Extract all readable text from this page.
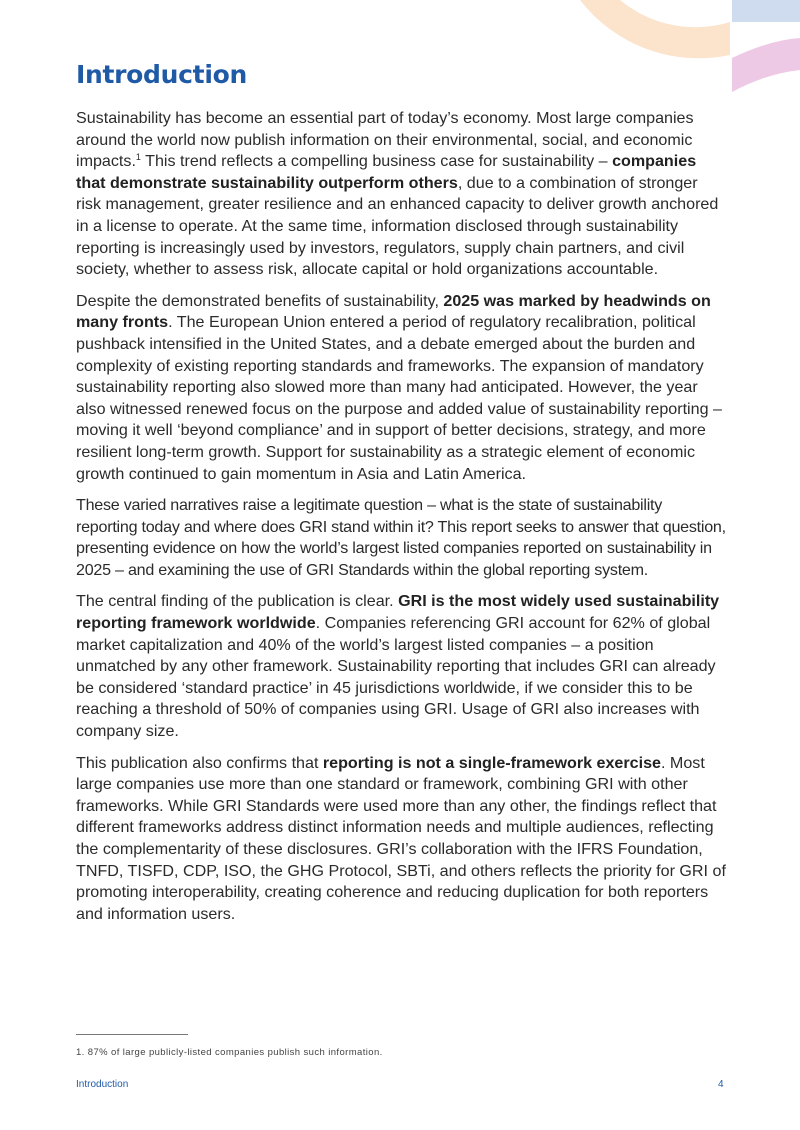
Introduction

Sustainability has become an essential part of today’s economy. Most large companies around the world now publish information on their environmental, social, and economic impacts.$^1$ This trend reflects a compelling business case for sustainability – companies that demonstrate sustainability outperform others, due to a combination of stronger risk management, greater resilience and an enhanced capacity to deliver growth anchored in a license to operate. At the same time, information disclosed through sustainability reporting is increasingly used by investors, regulators, supply chain partners, and civil society, whether to assess risk, allocate capital or hold organizations accountable.

Despite the demonstrated benefits of sustainability, 2025 was marked by headwinds on many fronts. The European Union entered a period of regulatory recalibration, political pushback intensified in the United States, and a debate emerged about the burden and complexity of existing reporting standards and frameworks. The expansion of mandatory sustainability reporting also slowed more than many had anticipated. However, the year also witnessed renewed focus on the purpose and added value of sustainability reporting – moving it well ‘beyond compliance’ and in support of better decisions, strategy, and more resilient long-term growth. Support for sustainability as a strategic element of economic growth continued to gain momentum in Asia and Latin America.

These varied narratives raise a legitimate question – what is the state of sustainability reporting today and where does GRI stand within it? This report seeks to answer that question, presenting evidence on how the world’s largest listed companies reported on sustainability in 2025 – and examining the use of GRI Standards within the global reporting system.

The central finding of the publication is clear. GRI is the most widely used sustainability reporting framework worldwide. Companies referencing GRI account for 62% of global market capitalization and 40% of the world’s largest listed companies – a position unmatched by any other framework. Sustainability reporting that includes GRI can already be considered ‘standard practice’ in 45 jurisdictions worldwide, if we consider this to be reaching a threshold of 50% of companies using GRI. Usage of GRI also increases with company size.

This publication also confirms that reporting is not a single-framework exercise. Most large companies use more than one standard or framework, combining GRI with other frameworks. While GRI Standards were used more than any other, the findings reflect that different frameworks address distinct information needs and multiple audiences, reflecting the complementarity of these disclosures. GRI’s collaboration with the IFRS Foundation, TNFD, TISFD, CDP, ISO, the GHG Protocol, SBTi, and others reflects the priority for GRI of promoting interoperability, creating coherence and reducing duplication for both reporters and information users.

1. 87% of large publicly-listed companies publish such information.
Introduction	4
